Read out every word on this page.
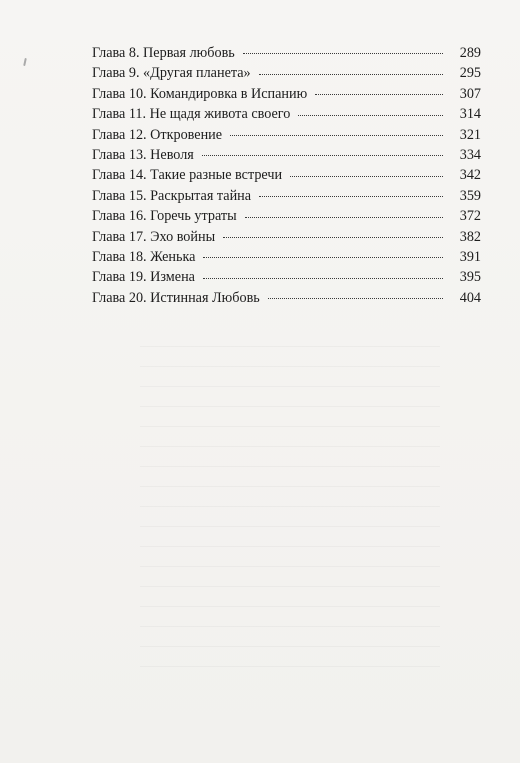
Глава 8. Первая любовь	289
Глава 9. «Другая планета»	295
Глава 10. Командировка в Испанию	307
Глава 11. Не щадя живота своего	314
Глава 12. Откровение	321
Глава 13. Неволя	334
Глава 14. Такие разные встречи	342
Глава 15. Раскрытая тайна	359
Глава 16. Горечь утраты	372
Глава 17. Эхо войны	382
Глава 18. Женька	391
Глава 19. Измена	395
Глава 20. Истинная Любовь	404
